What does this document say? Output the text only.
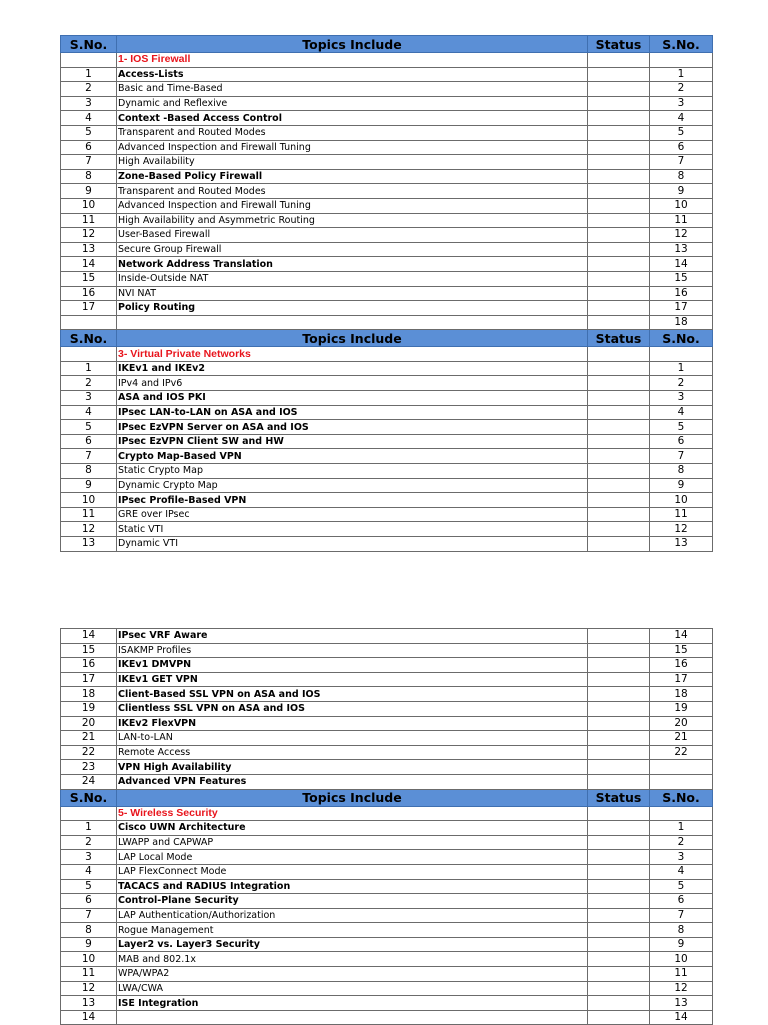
S.No.	Topics Include	Status	S.No.
	1- IOS Firewall		
1	Access-Lists		1
2	Basic and Time-Based		2
3	Dynamic and Reflexive		3
4	Context -Based Access Control		4
5	Transparent and Routed Modes		5
6	Advanced Inspection and Firewall Tuning		6
7	High Availability		7
8	Zone-Based Policy Firewall		8
9	Transparent and Routed Modes		9
10	Advanced Inspection and Firewall Tuning		10
11	High Availability and Asymmetric Routing		11
12	User-Based Firewall		12
13	Secure Group Firewall		13
14	Network Address Translation		14
15	Inside-Outside NAT		15
16	NVI NAT		16
17	Policy Routing		17
			18
S.No.	Topics Include	Status	S.No.
	3- Virtual Private Networks		
1	IKEv1 and IKEv2		1
2	IPv4 and IPv6		2
3	ASA and IOS PKI		3
4	IPsec LAN-to-LAN on ASA and IOS		4
5	IPsec EzVPN Server on ASA and IOS		5
6	IPsec EzVPN Client SW and HW		6
7	Crypto Map-Based VPN		7
8	Static Crypto Map		8
9	Dynamic Crypto Map		9
10	IPsec Profile-Based VPN		10
11	GRE over IPsec		11
12	Static VTI		12
13	Dynamic VTI		13
14	IPsec VRF Aware		14
15	ISAKMP Profiles		15
16	IKEv1 DMVPN		16
17	IKEv1 GET VPN		17
18	Client-Based SSL VPN on ASA and IOS		18
19	Clientless SSL VPN on ASA and IOS		19
20	IKEv2 FlexVPN		20
21	LAN-to-LAN		21
22	Remote Access		22
23	VPN High Availability		
24	Advanced VPN Features		
S.No.	Topics Include	Status	S.No.
	5- Wireless Security		
1	Cisco UWN Architecture		1
2	LWAPP and CAPWAP		2
3	LAP Local Mode		3
4	LAP FlexConnect Mode		4
5	TACACS and RADIUS Integration		5
6	Control-Plane Security		6
7	LAP Authentication/Authorization		7
8	Rogue Management		8
9	Layer2 vs. Layer3 Security		9
10	MAB and 802.1x		10
11	WPA/WPA2		11
12	LWA/CWA		12
13	ISE Integration		13
14			14
